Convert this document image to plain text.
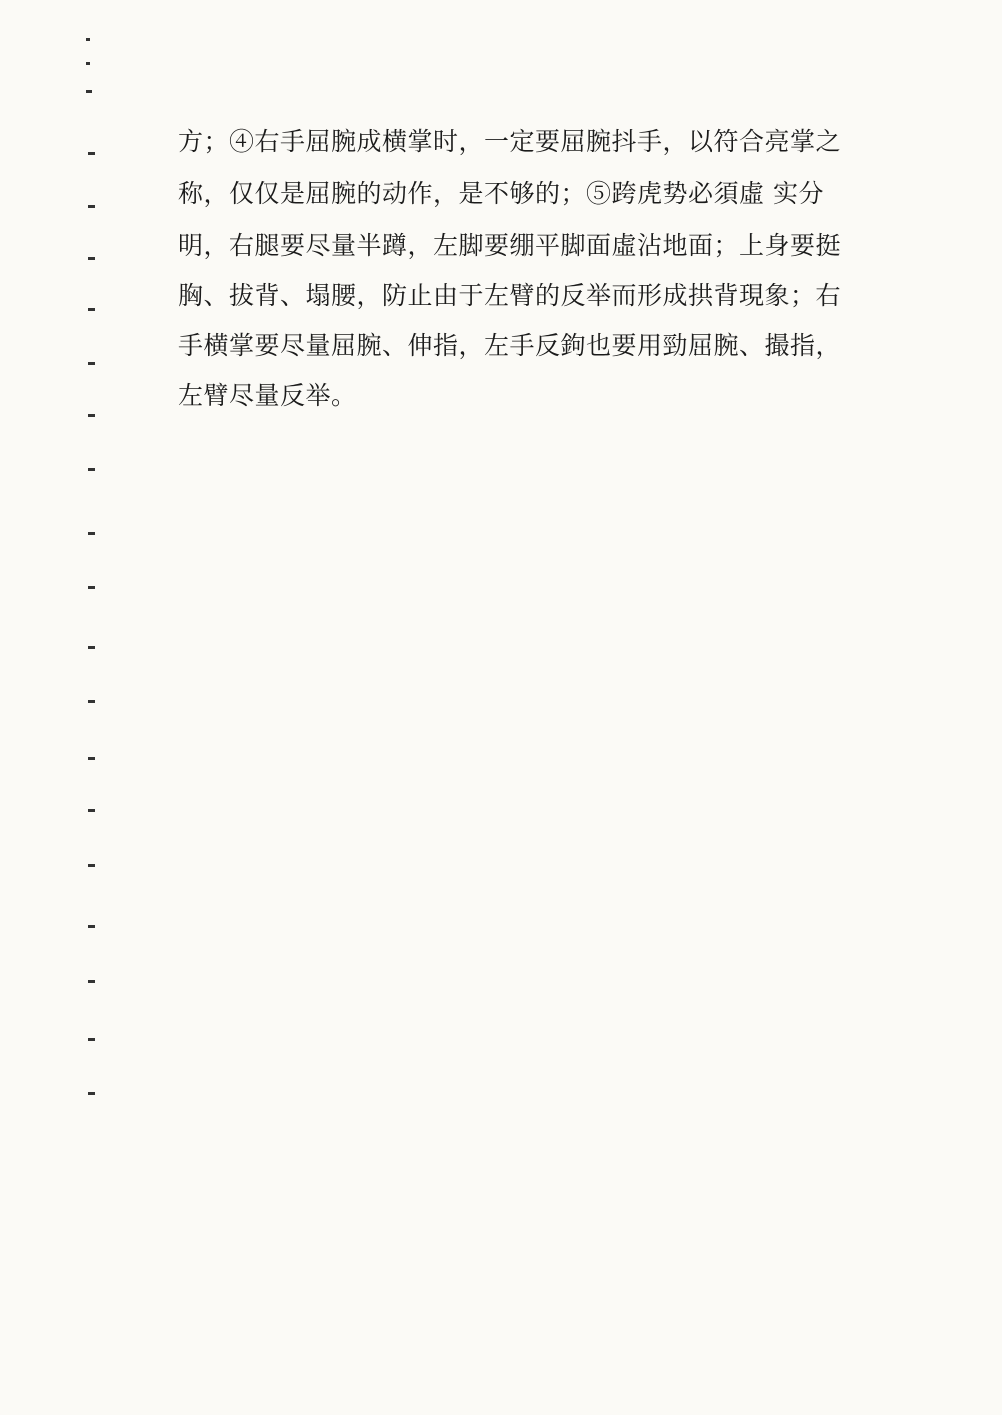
方；④右手屈腕成横掌时，一定要屈腕抖手，以符合亮掌之
称，仅仅是屈腕的动作，是不够的；⑤跨虎势必須虛 实分
明，右腿要尽量半蹲，左脚要绷平脚面虛沾地面；上身要挺
胸、拔背、塌腰，防止由于左臂的反举而形成拱背現象；右
手横掌要尽量屈腕、伸指，左手反鉤也要用勁屈腕、撮指，
左臂尽量反举。
